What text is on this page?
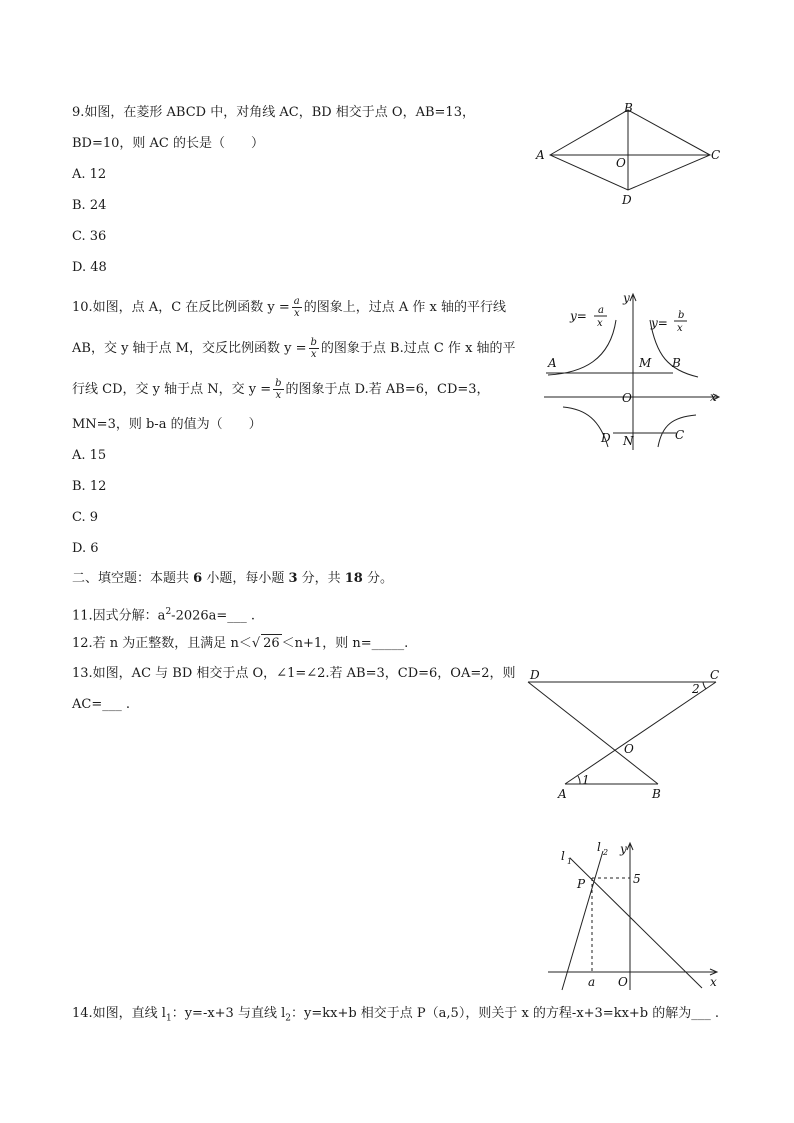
9.如图，在菱形 ABCD 中，对角线 AC，BD 相交于点 O，AB=13，
BD=10，则 AC 的长是（　　）
A. 12
B. 24
C. 36
D. 48
A
B
C
D
O
10.如图，点 A，C 在反比例函数 $y = \frac{a}{x}$ 的图象上，过点 A 作 x 轴的平行线
AB，交 y 轴于点 M，交反比例函数 $y = \frac{b}{x}$ 的图象于点 B.过点 C 作 x 轴的平
行线 CD，交 y 轴于点 N，交 $y = \frac{b}{x}$ 的图象于点 D.若 AB=6，CD=3，
MN=3，则 b-a 的值为（　　）
A. 15
B. 12
C. 9
D. 6
y= a
x	y=
b
x
A	M B
O	x
y
D N	C
二、填空题：本题共 6 小题，每小题 3 分，共 18 分。
11.因式分解：$a^2-2026a=\_\_\_$ .
12.若 n 为正整数，且满足 n＜√ 26 ＜n+1，则 n=_____.
13.如图，AC 与 BD 相交于点 O，∠1=∠2.若 AB=3，CD=6，OA=2，则
AC=___ .
D	C
2
O
1
A	B
l 1
l 2 y
P	5
a O	x
14.如图，直线 $l_1$：y=-x+3 与直线 $l_2$：y=kx+b 相交于点 P（a,5），则关于 x 的方程-x+3=kx+b 的解为___ .
